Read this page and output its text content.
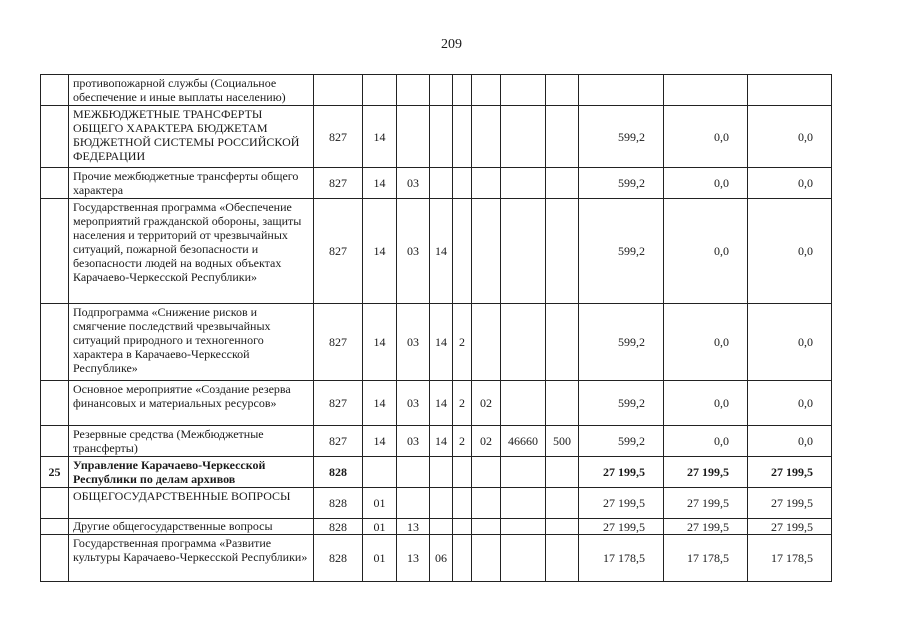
209
	противопожарной службы (Социальное обеспечение и иные выплаты населению)											
	МЕЖБЮДЖЕТНЫЕ ТРАНСФЕРТЫ ОБЩЕГО ХАРАКТЕРА БЮДЖЕТАМ БЮДЖЕТНОЙ СИСТЕМЫ РОССИЙСКОЙ ФЕДЕРАЦИИ	827	14							599,2	0,0	0,0
	Прочие межбюджетные трансферты общего характера	827	14	03						599,2	0,0	0,0
	Государственная программа «Обеспечение мероприятий гражданской обороны, защиты населения и территорий от чрезвычайных ситуаций, пожарной безопасности и безопасности людей на водных объектах Карачаево-Черкесской Республики»	827	14	03	14					599,2	0,0	0,0
	Подпрограмма «Снижение рисков и смягчение последствий чрезвычайных ситуаций природного и техногенного характера в Карачаево-Черкесской Республике»	827	14	03	14	2				599,2	0,0	0,0
	Основное мероприятие «Создание резерва финансовых и материальных ресурсов»	827	14	03	14	2	02			599,2	0,0	0,0
	Резервные средства (Межбюджетные трансферты)	827	14	03	14	2	02	46660	500	599,2	0,0	0,0
25	Управление Карачаево-Черкесской Республики по делам архивов	828								27 199,5	27 199,5	27 199,5
	ОБЩЕГОСУДАРСТВЕННЫЕ ВОПРОСЫ	828	01							27 199,5	27 199,5	27 199,5
	Другие общегосударственные вопросы	828	01	13						27 199,5	27 199,5	27 199,5
	Государственная программа «Развитие культуры Карачаево-Черкесской Республики»	828	01	13	06					17 178,5	17 178,5	17 178,5
